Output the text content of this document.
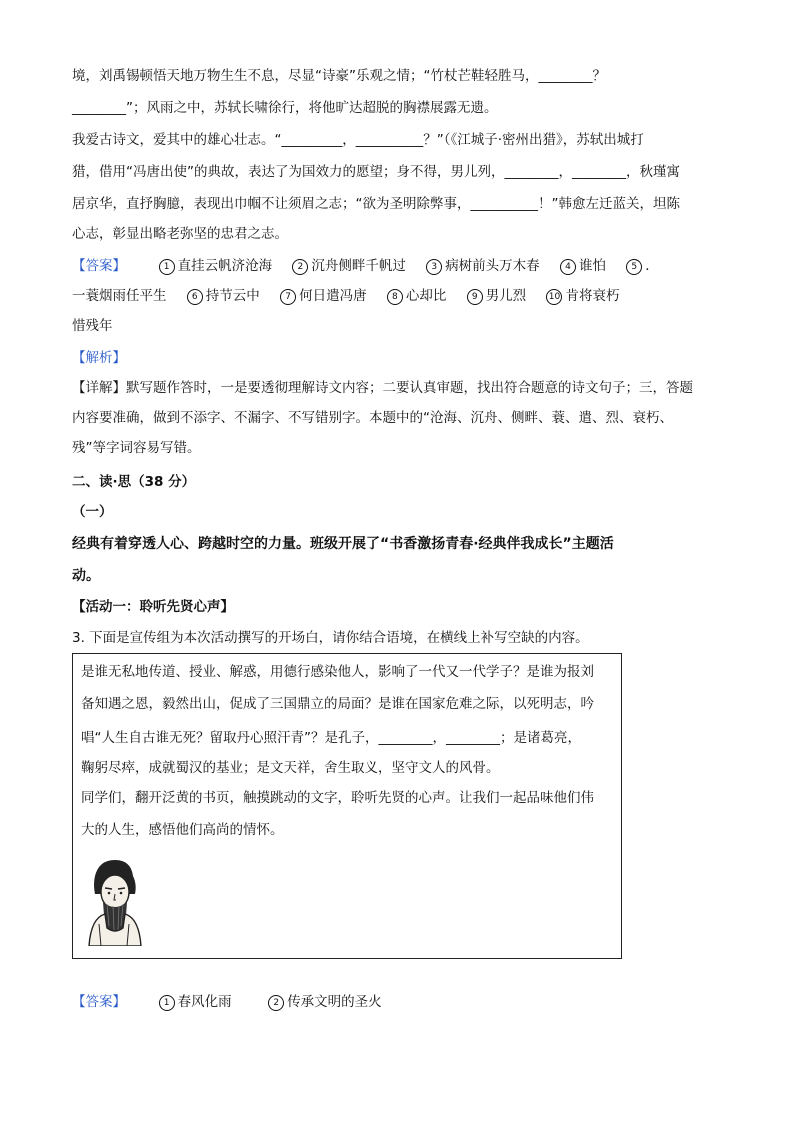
境，刘禹锡顿悟天地万物生生不息，尽显“诗豪”乐观之情；“竹杖芒鞋轻胜马，________？
________”；风雨之中，苏轼长啸徐行，将他旷达超脱的胸襟展露无遗。
我爱古诗文，爱其中的雄心壮志。“_________，__________？”（《江城子·密州出猎》，苏轼出城打
猎，借用“冯唐出使”的典故，表达了为国效力的愿望；身不得，男儿列，________，________，秋瑾寓
居京华，直抒胸臆，表现出巾帼不让须眉之志；“欲为圣明除弊事，__________！”韩愈左迁蓝关，坦陈
心志，彰显出略老弥坚的忠君之志。
【答案】	1 直挂云帆济沧海	2 沉舟侧畔千帆过	3 病树前头万木春	4 谁怕	5 ．
一蓑烟雨任平生	6 持节云中	7 何日遣冯唐	8 心却比	9 男儿烈	10 肯将衰朽
惜残年
【解析】
【详解】默写题作答时，一是要透彻理解诗文内容；二要认真审题，找出符合题意的诗文句子；三，答题
内容要准确，做到不添字、不漏字、不写错别字。本题中的“沧海、沉舟、侧畔、蓑、遣、烈、衰朽、
残”等字词容易写错。
二、读·思（38 分）
（一）
经典有着穿透人心、跨越时空的力量。班级开展了“书香激扬青春·经典伴我成长”主题活
动。
【活动一：聆听先贤心声】
3. 下面是宣传组为本次活动撰写的开场白，请你结合语境，在横线上补写空缺的内容。
是谁无私地传道、授业、解惑，用德行感染他人，影响了一代又一代学子？是谁为报刘
备知遇之恩，毅然出山，促成了三国鼎立的局面？是谁在国家危难之际，以死明志，吟
唱“人生自古谁无死？留取丹心照汗青”？是孔子，________，________；是诸葛亮，
鞠躬尽瘁，成就蜀汉的基业；是文天祥，舍生取义，坚守文人的风骨。
同学们，翻开泛黄的书页，触摸跳动的文字，聆听先贤的心声。让我们一起品味他们伟
大的人生，感悟他们高尚的情怀。
【答案】	1 春风化雨	2 传承文明的圣火
